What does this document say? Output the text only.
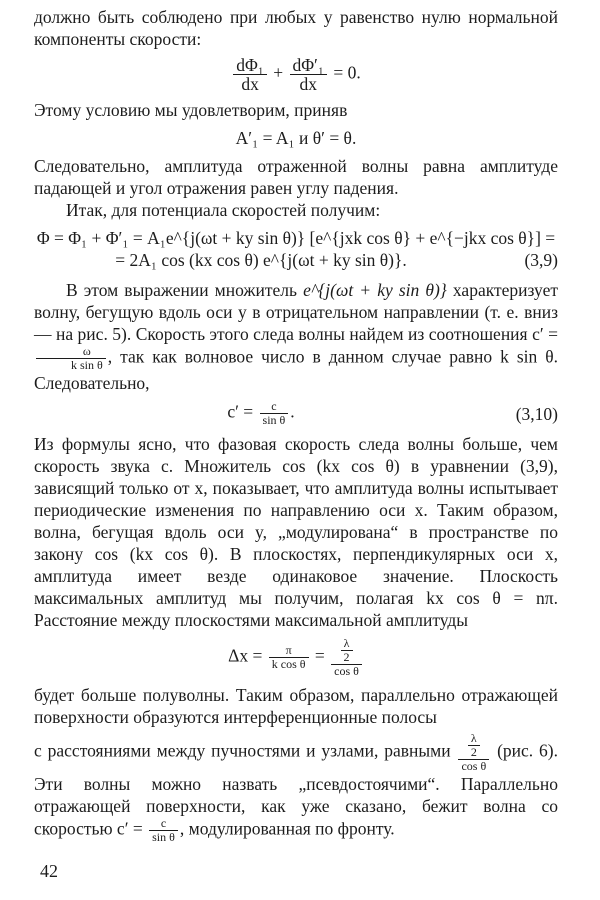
должно быть соблюдено при любых y равенство нулю нормальной компоненты скорости:

$\frac{\text{dΦ₁}}{dx} + \frac{\text{dΦ′₁}}{dx} = 0$.

Этому условию мы удовлетворим, приняв

A′₁ = A₁ и θ′ = θ.

Следовательно, амплитуда отраженной волны равна амплитуде падающей и угол отражения равен углу падения.

Итак, для потенциала скоростей получим:

Φ = Φ₁ + Φ′₁ = A₁e^{j(ωt + ky sin θ)} [e^{jxk cos θ} + e^{−jkx cos θ}] =
= 2A₁ cos (kx cos θ) e^{j(ωt + ky sin θ)}.	(3,9)

В этом выражении множитель e^{j(ωt + ky sin θ)} характеризует волну, бегущую вдоль оси y в отрицательном направлении (т. е. вниз — на рис. 5). Скорость этого следа волны найдем из соотношения c′ =
$\frac{\omega}{\text{k sin θ}}$ , так как волновое число в данном случае равно k sin θ. Следовательно,

$c' = \frac{c}{\text{sin θ}}$ .	(3,10)

Из формулы ясно, что фазовая скорость следа волны больше, чем скорость звука c. Множитель cos (kx cos θ) в уравнении (3,9), зависящий только от x, показывает, что амплитуда волны испытывает периодические изменения по направлению оси x. Таким образом, волна, бегущая вдоль оси y, „модулирована“ в пространстве по закону cos (kx cos θ). В плоскостях, перпендикулярных оси x, амплитуда имеет везде одинаковое значение. Плоскость максимальных амплитуд мы получим, полагая kx cos θ = nπ. Расстояние между плоскостями максимальной амплитуды

$\Delta x = \frac{\pi}{\text{k cos θ}} = \frac{\frac{\lambda}{2}}{\text{cos θ}}$

будет больше полуволны. Таким образом, параллельно отражающей поверхности образуются интерференционные полосы

с расстояниями между пучностями и узлами, равными $\frac{\frac{\lambda}{2}}{\text{cos θ}} (рис$. 6). Эти волны можно назвать „псевдостоячими“. Параллельно отражающей поверхности, как уже сказано, бежит волна со скоростью $c' = \frac{c}{\text{sin θ}}$ , модулированная по фронту.

42
